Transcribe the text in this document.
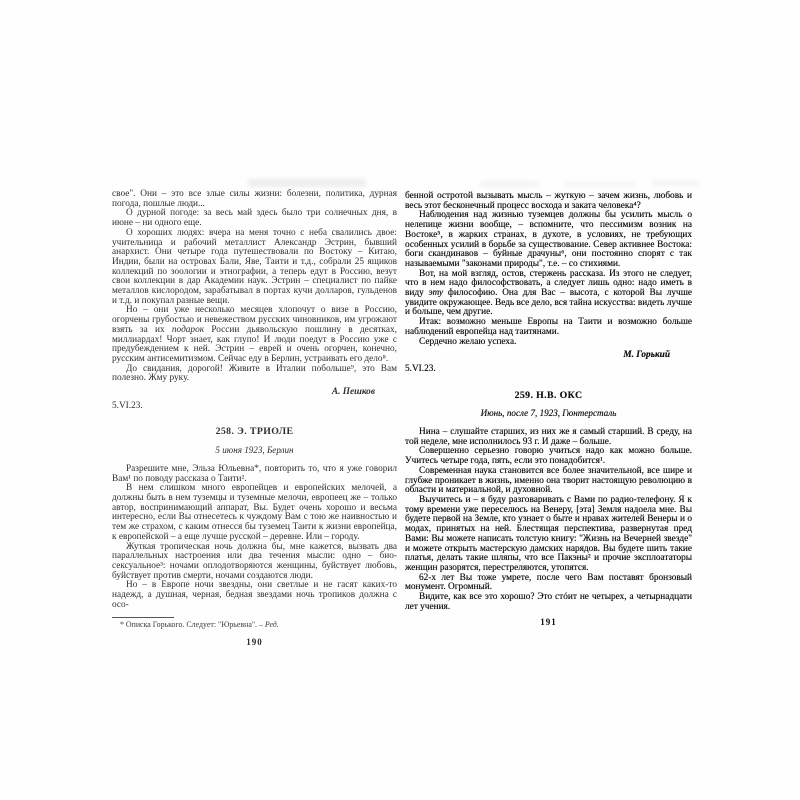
свое". Они – это все злые силы жизни: болезни, политика, дурная погода, пошлые люди...

О дурной погоде: за весь май здесь было три солнечных дня, в июне – ни одного еще.

О хороших людях: вчера на меня точно с неба свалились двое: учительница и рабочий металлист Александр Эстрин, бывший анархист. Они четыре года путешествовали по Востоку – Китаю, Индии, были на островах Бали, Яве, Таити и т.д., собрали 25 ящиков коллекций по зоологии и этнографии, а теперь едут в Россию, везут свои коллекции в дар Академии наук. Эстрин – специалист по пайке металлов кислородом, зарабатывал в портах кучи долларов, гульденов и т.д. и покупал разные вещи.

Но – они уже несколько месяцев хлопочут о визе в Россию, огорчены грубостью и невежеством русских чиновников, им угрожают взять за их подарок России дьявольскую пошлину в десятках, миллиардах! Чорт знает, как глупо! И люди поедут в Россию уже с предубеждением к ней. Эстрин – еврей и очень огорчен, конечно, русским антисемитизмом. Сейчас еду в Берлин, устраивать его дело⁸.

До свидания, дорогой! Живите в Италии побольше⁹, это Вам полезно. Жму руку.

А. Пешков

5.VI.23.

258. Э. ТРИОЛЕ

5 июня 1923, Берлин

Разрешите мне, Эльза Юльевна*, повторить то, что я уже говорил Вам¹ по поводу рассказа о Таити².

В нем слишком много европейцев и европейских мелочей, а должны быть в нем туземцы и туземные мелочи, европеец же – только автор, воспринимающий аппарат, Вы. Будет очень хорошо и весьма интересно, если Вы отнесетесь к чуждому Вам с тою же наивностью и тем же страхом, с каким отнесся бы туземец Таити к жизни европейца, к европейской – а еще лучше русской – деревне. Или – городу.

Жуткая тропическая ночь должна бы, мне кажется, вызвать два параллельных настроения или два течения мысли: одно – био-сексуальное³: ночами оплодотворяются женщины, буйствует любовь, буйствует против смерти, ночами создаются люди.

Но – в Европе ночи звездны, они светлые и не гасят каких-то надежд, а душная, черная, бедная звездами ночь тропиков должна с осо-

* Описка Горького. Следует: "Юрьевна". – Ред.

190

бенной остротой вызывать мысль – жуткую – зачем жизнь, любовь и весь этот бесконечный процесс восхода и заката человека⁴?

Наблюдения над жизнью туземцев должны бы усилить мысль о нелепице жизни вообще, – вспомните, что пессимизм возник на Востоке⁵, в жарких странах, в духоте, в условиях, не требующих особенных усилий в борьбе за существование. Север активнее Востока: боги скандинавов – буйные драчуны⁶, они постоянно спорят с так называемыми "законами природы", т.е. – со стихиями.

Вот, на мой взгляд, остов, стержень рассказа. Из этого не следует, что в нем надо философствовать, а следует лишь одно: надо иметь в виду эту философию. Она для Вас – высота, с которой Вы лучше увидите окружающее. Ведь все дело, вся тайна искусства: видеть лучше и больше, чем другие.

Итак: возможно меньше Европы на Таити и возможно больше наблюдений европейца над таитянами.

Сердечно желаю успеха.

М. Горький

5.VI.23.

259. Н.В. ОКС

Июнь, после 7, 1923, Гюнтерсталь

Нина – слушайте старших, из них же я самый старший. В среду, на той неделе, мне исполнилось 93 г. И даже – больше.

Совершенно серьезно говорю учиться надо как можно больше. Учитесь четыре года, пять, если это понадобится¹.

Современная наука становится все более значительной, все шире и глубже проникает в жизнь, именно она творит настоящую революцию в области и материальной, и духовной.

Выучитесь и – я буду разговаривать с Вами по радио-телефону. Я к тому времени уже переселюсь на Венеру, [эта] Земля надоела мне. Вы будете первой на Земле, кто узнает о быте и нравах жителей Венеры и о модах, принятых на ней. Блестящая перспектива, развернутая пред Вами: Вы можете написать толстую книгу: "Жизнь на Вечерней звезде" и можете открыть мастерскую дамских нарядов. Вы будете шить такие платья, делать такие шляпы, что все Пакэны² и прочие эксплоататоры женщин разорятся, перестреляются, утопятся.

62-х лет Вы тоже умрете, после чего Вам поставят бронзовый монумент. Огромный.

Видите, как все это хорошо? Это стóит не четырех, а четырнадцати лет учения.

191
